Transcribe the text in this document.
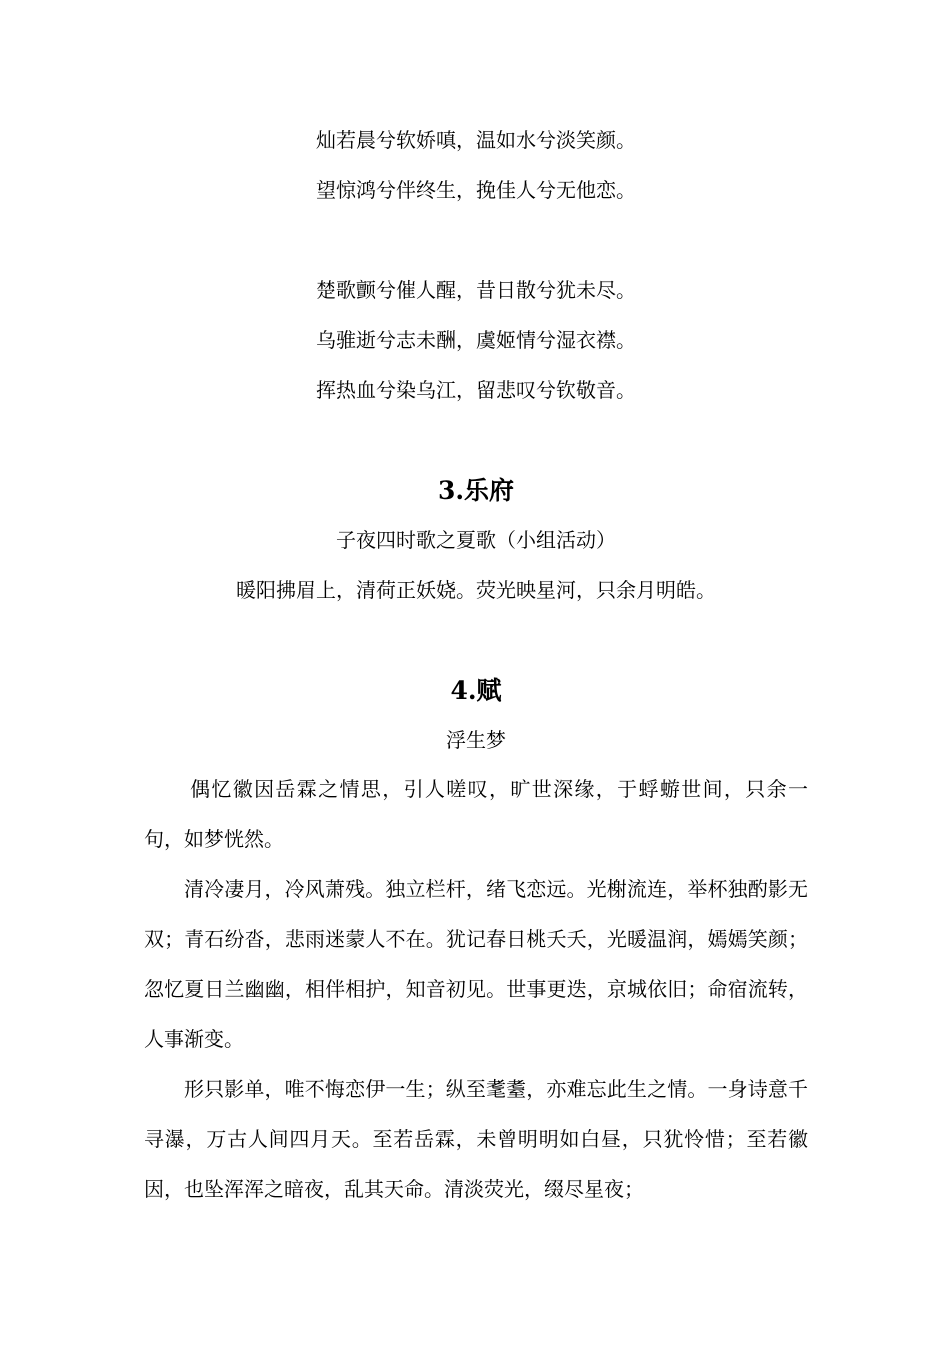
灿若晨兮软娇嗔，温如水兮淡笑颜。

望惊鸿兮伴终生，挽佳人兮无他恋。

楚歌颤兮催人醒，昔日散兮犹未尽。

乌骓逝兮志未酬，虞姬情兮湿衣襟。

挥热血兮染乌江，留悲叹兮钦敬音。

3.乐府

子夜四时歌之夏歌（小组活动）

暖阳拂眉上，清荷正妖娆。荧光映星河，只余月明皓。

4.赋

浮生梦

偶忆徽因岳霖之情思，引人嗟叹，旷世深缘，于蜉蝣世间，只余一句，如梦恍然。

清冷凄月，冷风萧残。独立栏杆，绪飞恋远。光榭流连，举杯独酌影无双；青石纷沓，悲雨迷蒙人不在。犹记春日桃夭夭，光暖温润，嫣嫣笑颜；忽忆夏日兰幽幽，相伴相护，知音初见。世事更迭，京城依旧；命宿流转，人事渐变。

形只影单，唯不悔恋伊一生；纵至耄耋，亦难忘此生之情。一身诗意千寻瀑，万古人间四月天。至若岳霖，未曾明明如白昼，只犹怜惜；至若徽因，也坠浑浑之暗夜，乱其天命。清淡荧光，缀尽星夜；
